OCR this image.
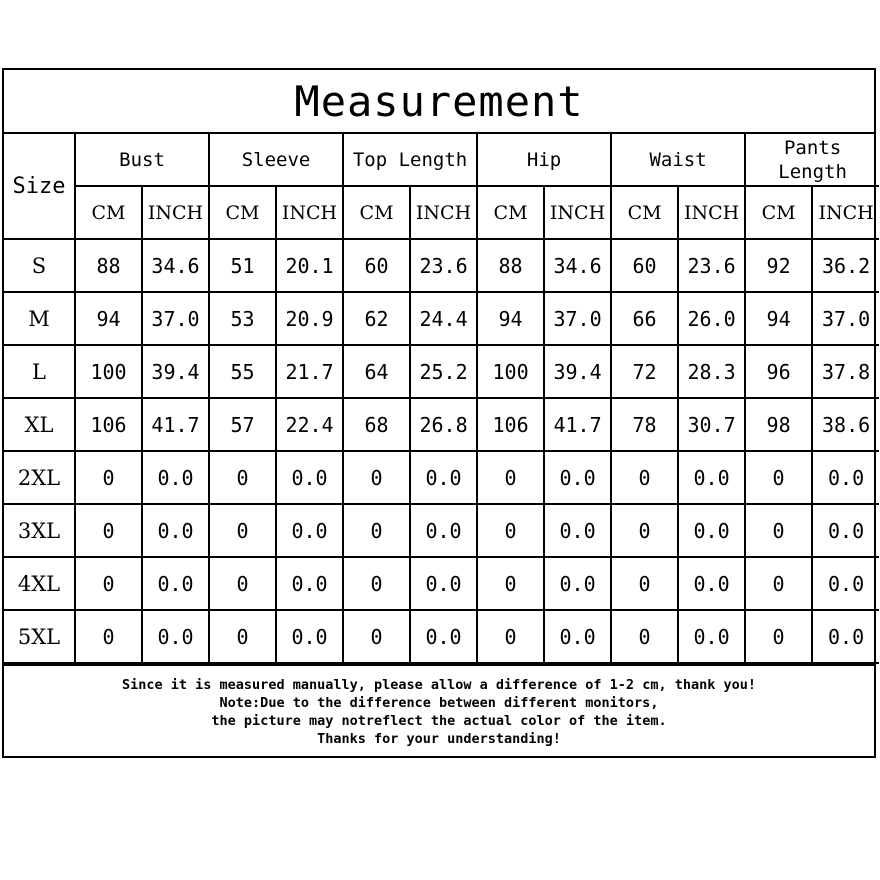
Measurement
Size	Bust		Sleeve		Top Length		Hip		Waist		Pants Length	
	CM	INCH	CM	INCH	CM	INCH	CM	INCH	CM	INCH	CM	INCH
S	88	34.6	51	20.1	60	23.6	88	34.6	60	23.6	92	36.2
M	94	37.0	53	20.9	62	24.4	94	37.0	66	26.0	94	37.0
L	100	39.4	55	21.7	64	25.2	100	39.4	72	28.3	96	37.8
XL	106	41.7	57	22.4	68	26.8	106	41.7	78	30.7	98	38.6
2XL	0	0.0	0	0.0	0	0.0	0	0.0	0	0.0	0	0.0
3XL	0	0.0	0	0.0	0	0.0	0	0.0	0	0.0	0	0.0
4XL	0	0.0	0	0.0	0	0.0	0	0.0	0	0.0	0	0.0
5XL	0	0.0	0	0.0	0	0.0	0	0.0	0	0.0	0	0.0
Since it is measured manually, please allow a difference of 1-2 cm, thank you!
Note:Due to the difference between different monitors,
the picture may notreflect the actual color of the item.
Thanks for your understanding!
